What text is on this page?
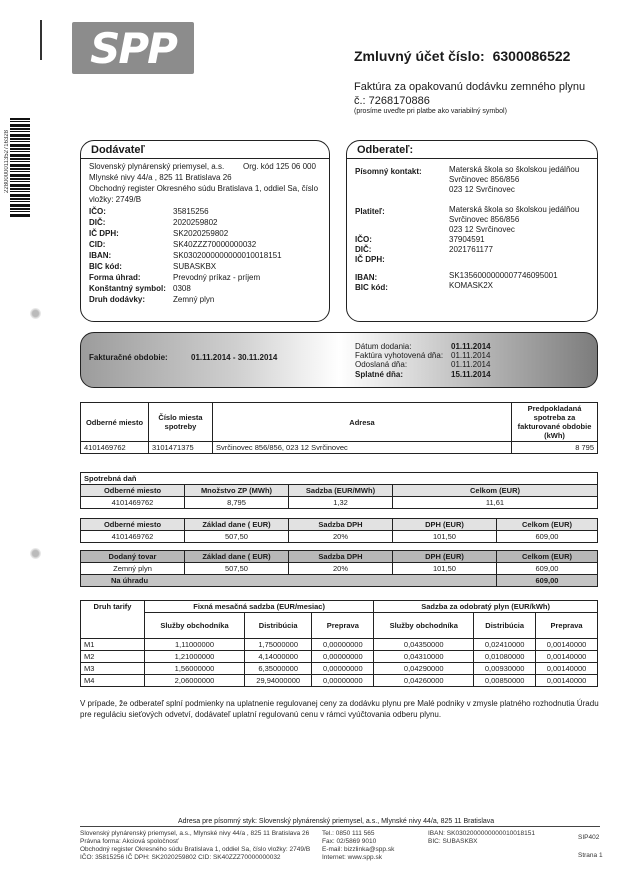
2280000011352716328
SPP	Zmluvný účet číslo: 6300086522
Faktúra za opakovanú dodávku zemného plynu
č.: 7268170886
(prosíme uveďte pri platbe ako variabilný symbol)
Dodávateľ
Slovenský plynárenský priemysel, a.s. Org. kód 125 06 000
Mlynské nivy 44/a , 825 11 Bratislava 26
Obchodný register Okresného súdu Bratislava 1, oddiel Sa, číslo
vložky: 2749/B
IČO:	35815256
DIČ:	2020259802
IČ DPH:	SK2020259802
CID:	SK40ZZZ70000000032
IBAN:	SK0302000000000010018151
BIC kód:	SUBASKBX
Forma úhrad:	Prevodný príkaz - príjem
Konštantný symbol: 0308
Druh dodávky:	Zemný plyn
Odberateľ:
Písomný kontakt:	Materská škola so školskou jedálňou
Svrčinovec 856/856
023 12 Svrčinovec
Platiteľ:	Materská škola so školskou jedálňou
Svrčinovec 856/856
023 12 Svrčinovec
IČO:	37904591
DIČ:	2021761177
IČ DPH:
IBAN:	SK1356000000007746095001
BIC kód:	KOMASK2X
Fakturačné obdobie:	01.11.2014 - 30.11.2014
Dátum dodania:	01.11.2014
Faktúra vyhotovená dňa: 01.11.2014
Odoslaná dňa:	01.11.2014
Splatné dňa:	15.11.2014
Odberné miesto	Číslo miesta spotreby	Adresa	Predpokladaná spotreba za fakturované obdobie (kWh)
4101469762	3101471375	Svrčinovec 856/856, 023 12 Svrčinovec	8 795
Spotrebná daň			
Odberné miesto	Množstvo ZP (MWh)	Sadzba (EUR/MWh)	Celkom (EUR)
4101469762	8,795	1,32	11,61
Odberné miesto	Základ dane ( EUR)	Sadzba DPH	DPH (EUR)	Celkom (EUR)
4101469762	507,50	20%	101,50	609,00
Dodaný tovar	Základ dane ( EUR)	Sadzba DPH	DPH (EUR)	Celkom (EUR)
Zemný plyn	507,50	20%	101,50	609,00
Na úhradu				609,00
Druh tarify	Fixná mesačná sadzba (EUR/mesiac)			Sadzba za odobratý plyn (EUR/kWh)		
	Služby obchodníka	Distribúcia	Preprava	Služby obchodníka	Distribúcia	Preprava
M1	1,11000000	1,75000000	0,00000000	0,04350000	0,02410000	0,00140000
M2	1,21000000	4,14000000	0,00000000	0,04310000	0,01080000	0,00140000
M3	1,56000000	6,35000000	0,00000000	0,04290000	0,00930000	0,00140000
M4	2,06000000	29,94000000	0,00000000	0,04260000	0,00850000	0,00140000
V prípade, že odberateľ splní podmienky na uplatnenie regulovanej ceny za dodávku plynu pre Malé podniky v zmysle platného rozhodnutia Úradu pre reguláciu sieťových odvetví, dodávateľ uplatní regulovanú cenu v rámci vyúčtovania odberu plynu.
Adresa pre písomný styk: Slovenský plynárenský priemysel, a.s., Mlynské nivy 44/a, 825 11 Bratislava
Slovenský plynárenský priemysel, a.s., Mlynské nivy 44/a , 825 11 Bratislava 26
Právna forma: Akciová spoločnosť
Obchodný register Okresného súdu Bratislava 1, oddiel Sa, číslo vložky: 2749/B
IČO: 35815256 IČ DPH: SK2020259802 CID: SK40ZZZ70000000032
Tel.: 0850 111 565
Fax: 02/5869 9010
E-mail: bizzlinka@spp.sk
Internet: www.spp.sk
IBAN: SK0302000000000010018151
BIC: SUBASKBX
SIP402
Strana 1
